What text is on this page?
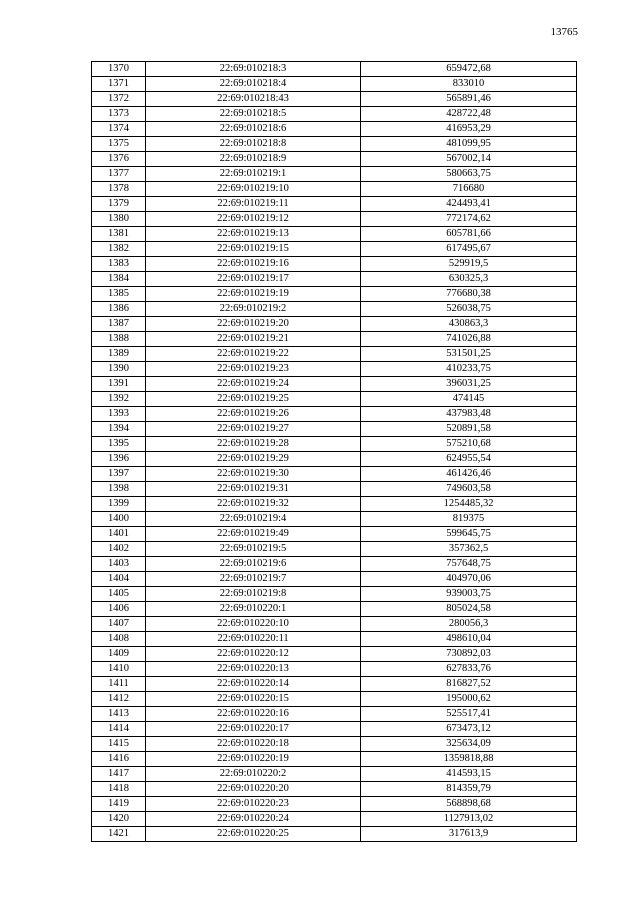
13765
1370	22:69:010218:3	659472,68
1371	22:69:010218:4	833010
1372	22:69:010218:43	565891,46
1373	22:69:010218:5	428722,48
1374	22:69:010218:6	416953,29
1375	22:69:010218:8	481099,95
1376	22:69:010218:9	567002,14
1377	22:69:010219:1	580663,75
1378	22:69:010219:10	716680
1379	22:69:010219:11	424493,41
1380	22:69:010219:12	772174,62
1381	22:69:010219:13	605781,66
1382	22:69:010219:15	617495,67
1383	22:69:010219:16	529919,5
1384	22:69:010219:17	630325,3
1385	22:69:010219:19	776680,38
1386	22:69:010219:2	526038,75
1387	22:69:010219:20	430863,3
1388	22:69:010219:21	741026,88
1389	22:69:010219:22	531501,25
1390	22:69:010219:23	410233,75
1391	22:69:010219:24	396031,25
1392	22:69:010219:25	474145
1393	22:69:010219:26	437983,48
1394	22:69:010219:27	520891,58
1395	22:69:010219:28	575210,68
1396	22:69:010219:29	624955,54
1397	22:69:010219:30	461426,46
1398	22:69:010219:31	749603,58
1399	22:69:010219:32	1254485,32
1400	22:69:010219:4	819375
1401	22:69:010219:49	599645,75
1402	22:69:010219:5	357362,5
1403	22:69:010219:6	757648,75
1404	22:69:010219:7	404970,06
1405	22:69:010219:8	939003,75
1406	22:69:010220:1	805024,58
1407	22:69:010220:10	280056,3
1408	22:69:010220:11	498610,04
1409	22:69:010220:12	730892,03
1410	22:69:010220:13	627833,76
1411	22:69:010220:14	816827,52
1412	22:69:010220:15	195000,62
1413	22:69:010220:16	525517,41
1414	22:69:010220:17	673473,12
1415	22:69:010220:18	325634,09
1416	22:69:010220:19	1359818,88
1417	22:69:010220:2	414593,15
1418	22:69:010220:20	814359,79
1419	22:69:010220:23	568898,68
1420	22:69:010220:24	1127913,02
1421	22:69:010220:25	317613,9
